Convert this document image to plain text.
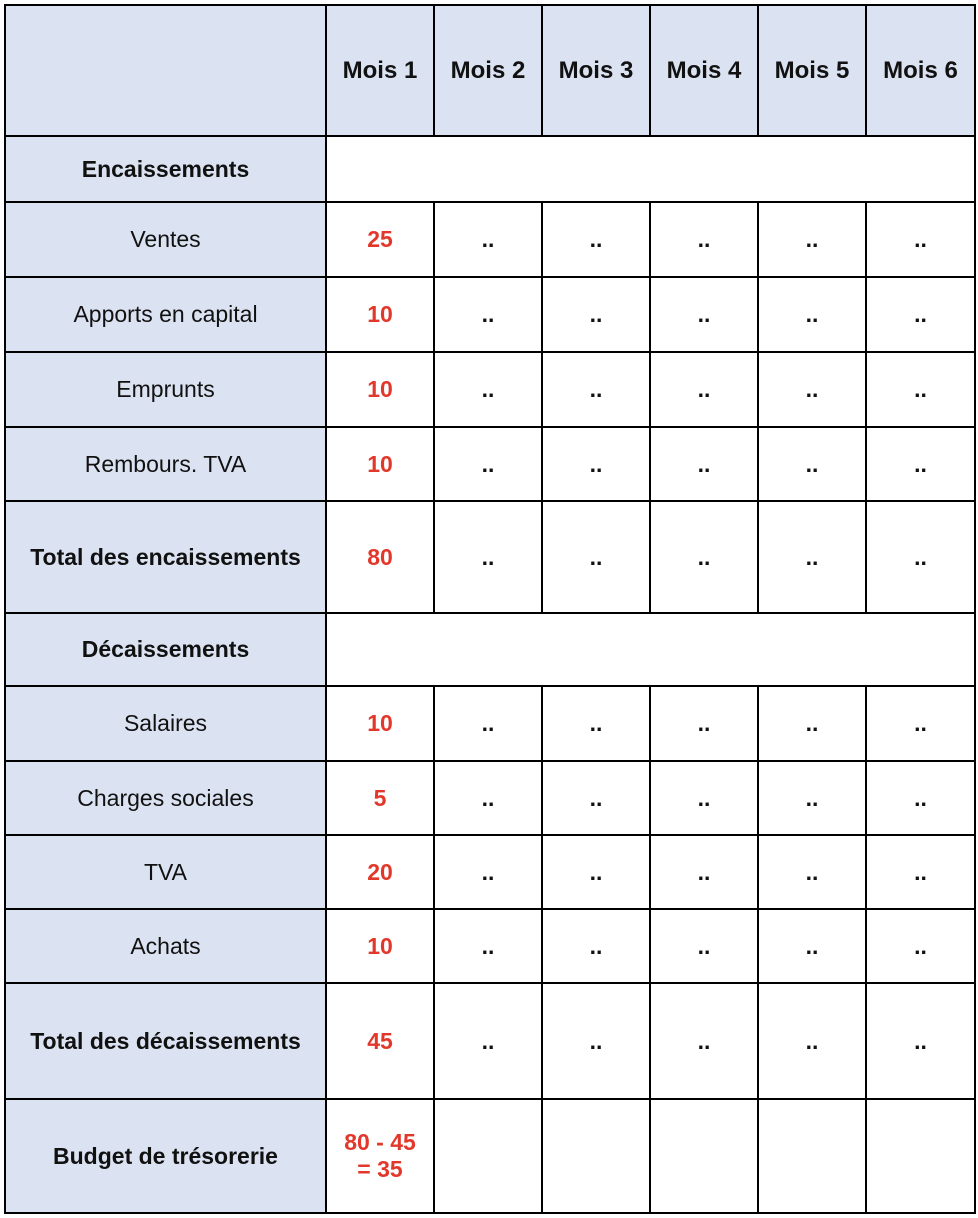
	Mois 1	Mois 2	Mois 3	Mois 4	Mois 5	Mois 6
Encaissements						
Ventes	25	..	..	..	..	..
Apports en capital	10	..	..	..	..	..
Emprunts	10	..	..	..	..	..
Rembours. TVA	10	..	..	..	..	..
Total des encaissements	80	..	..	..	..	..
Décaissements						
Salaires	10	..	..	..	..	..
Charges sociales	5	..	..	..	..	..
TVA	20	..	..	..	..	..
Achats	10	..	..	..	..	..
Total des décaissements	45	..	..	..	..	..
Budget de trésorerie	80 - 45
= 35					
